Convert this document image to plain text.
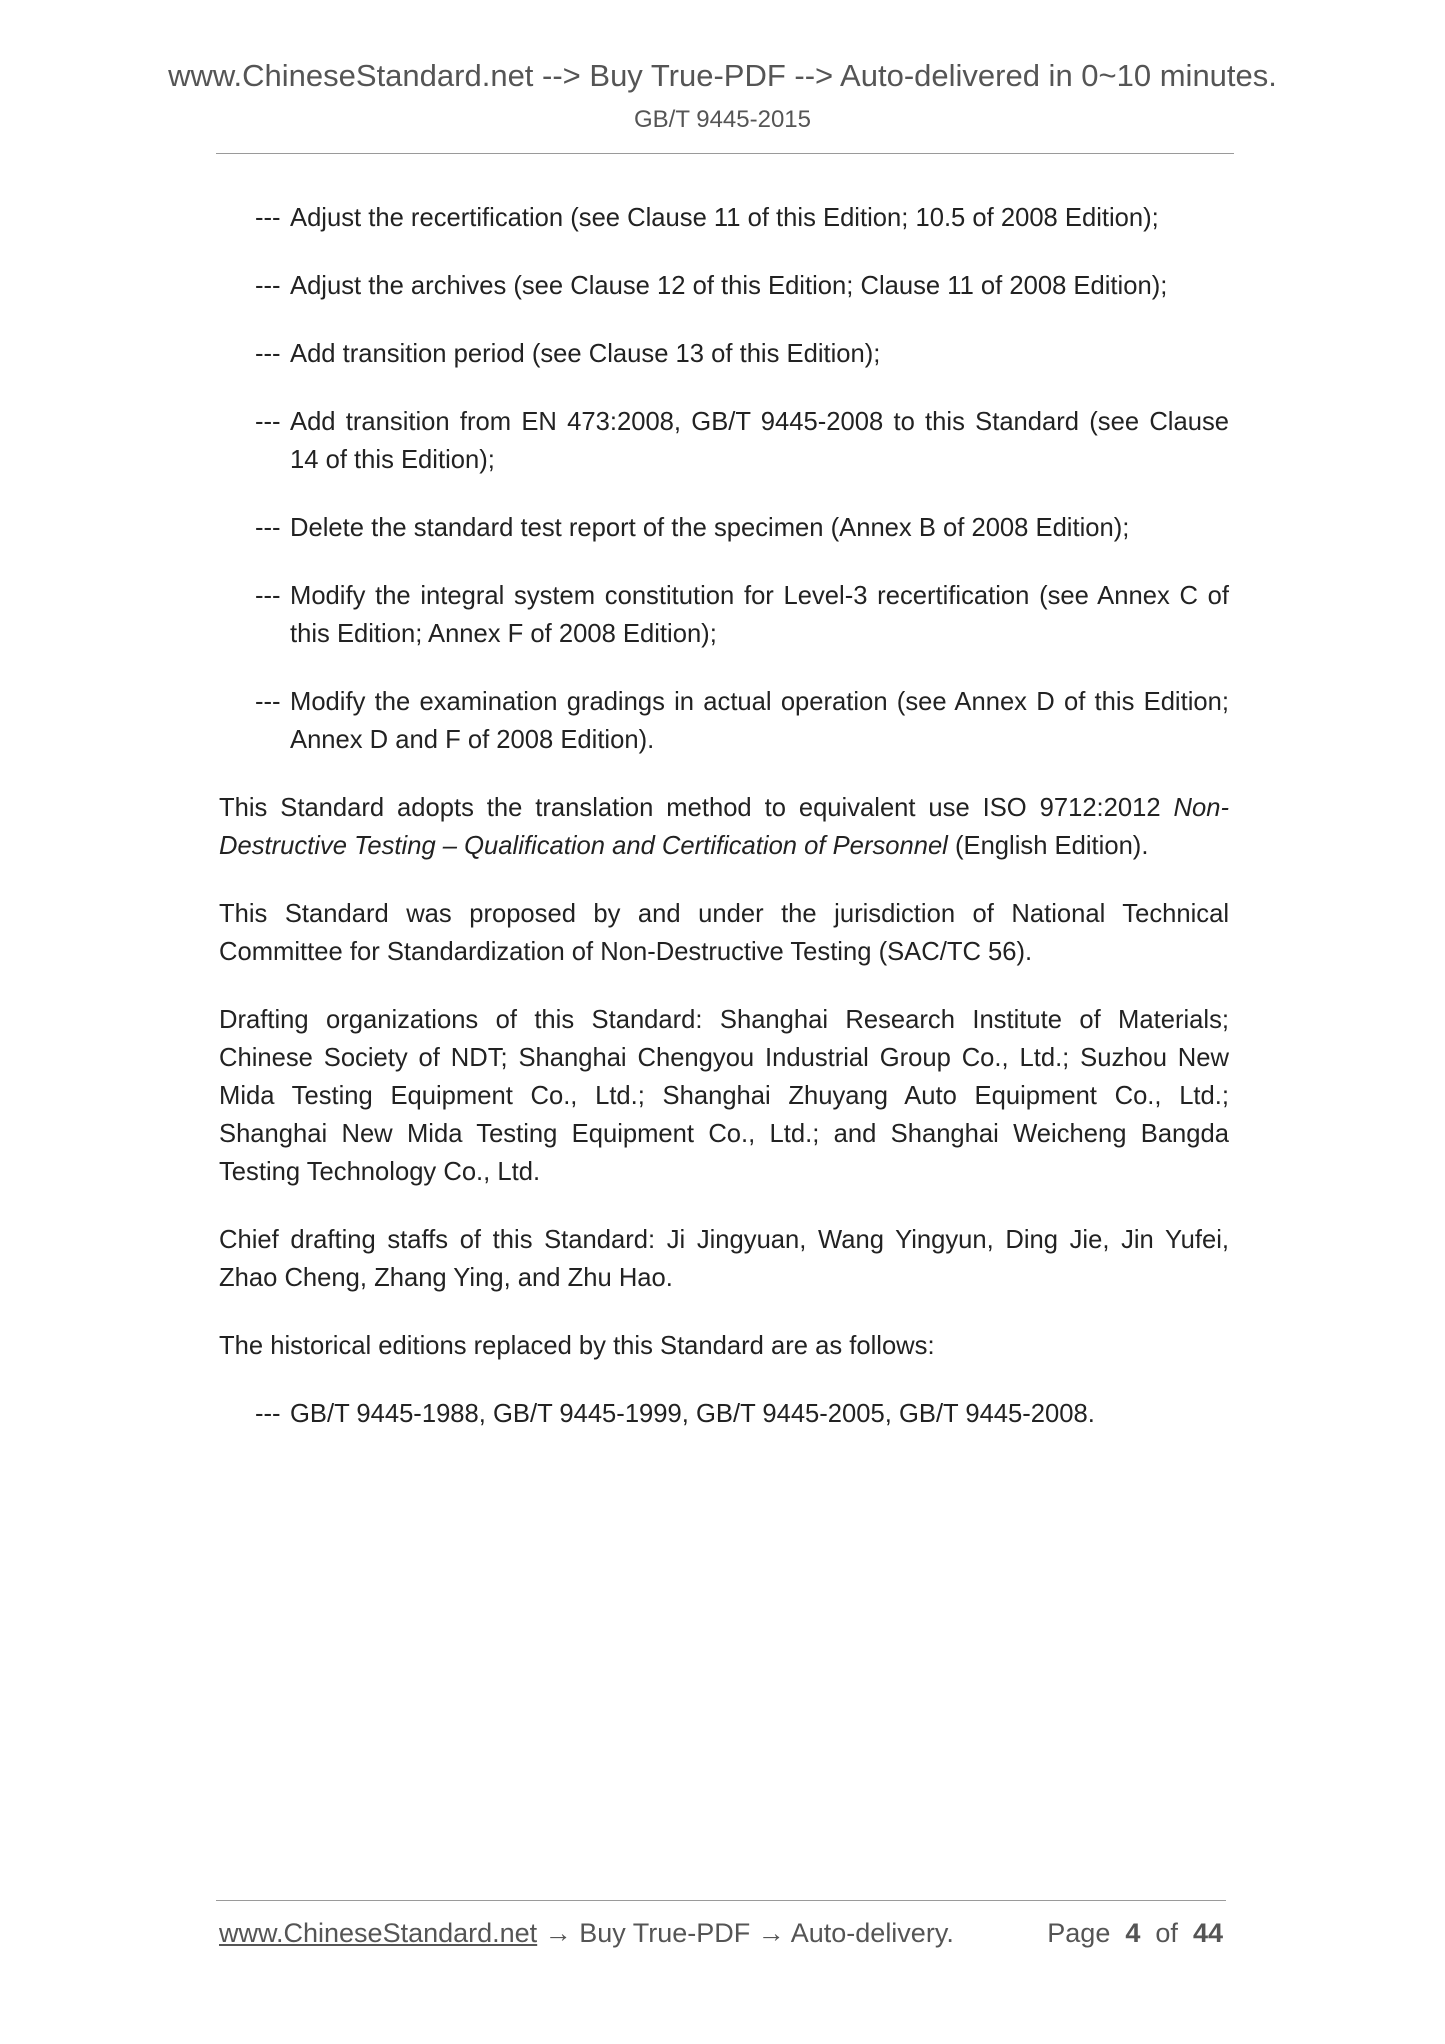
www.ChineseStandard.net --> Buy True-PDF --> Auto-delivered in 0~10 minutes.
GB/T 9445-2015
--- Adjust the recertification (see Clause 11 of this Edition; 10.5 of 2008 Edition);
--- Adjust the archives (see Clause 12 of this Edition; Clause 11 of 2008 Edition);
--- Add transition period (see Clause 13 of this Edition);
--- Add transition from EN 473:2008, GB/T 9445-2008 to this Standard (see Clause 14 of this Edition);
--- Delete the standard test report of the specimen (Annex B of 2008 Edition);
--- Modify the integral system constitution for Level-3 recertification (see Annex C of this Edition; Annex F of 2008 Edition);
--- Modify the examination gradings in actual operation (see Annex D of this Edition; Annex D and F of 2008 Edition).

This Standard adopts the translation method to equivalent use ISO 9712:2012 Non-Destructive Testing – Qualification and Certification of Personnel (English Edition).

This Standard was proposed by and under the jurisdiction of National Technical Committee for Standardization of Non-Destructive Testing (SAC/TC 56).

Drafting organizations of this Standard: Shanghai Research Institute of Materials; Chinese Society of NDT; Shanghai Chengyou Industrial Group Co., Ltd.; Suzhou New Mida Testing Equipment Co., Ltd.; Shanghai Zhuyang Auto Equipment Co., Ltd.; Shanghai New Mida Testing Equipment Co., Ltd.; and Shanghai Weicheng Bangda Testing Technology Co., Ltd.

Chief drafting staffs of this Standard: Ji Jingyuan, Wang Yingyun, Ding Jie, Jin Yufei, Zhao Cheng, Zhang Ying, and Zhu Hao.

The historical editions replaced by this Standard are as follows:

--- GB/T 9445-1988, GB/T 9445-1999, GB/T 9445-2005, GB/T 9445-2008.
www.ChineseStandard.net → Buy True-PDF → Auto-delivery.	Page 4 of 44
